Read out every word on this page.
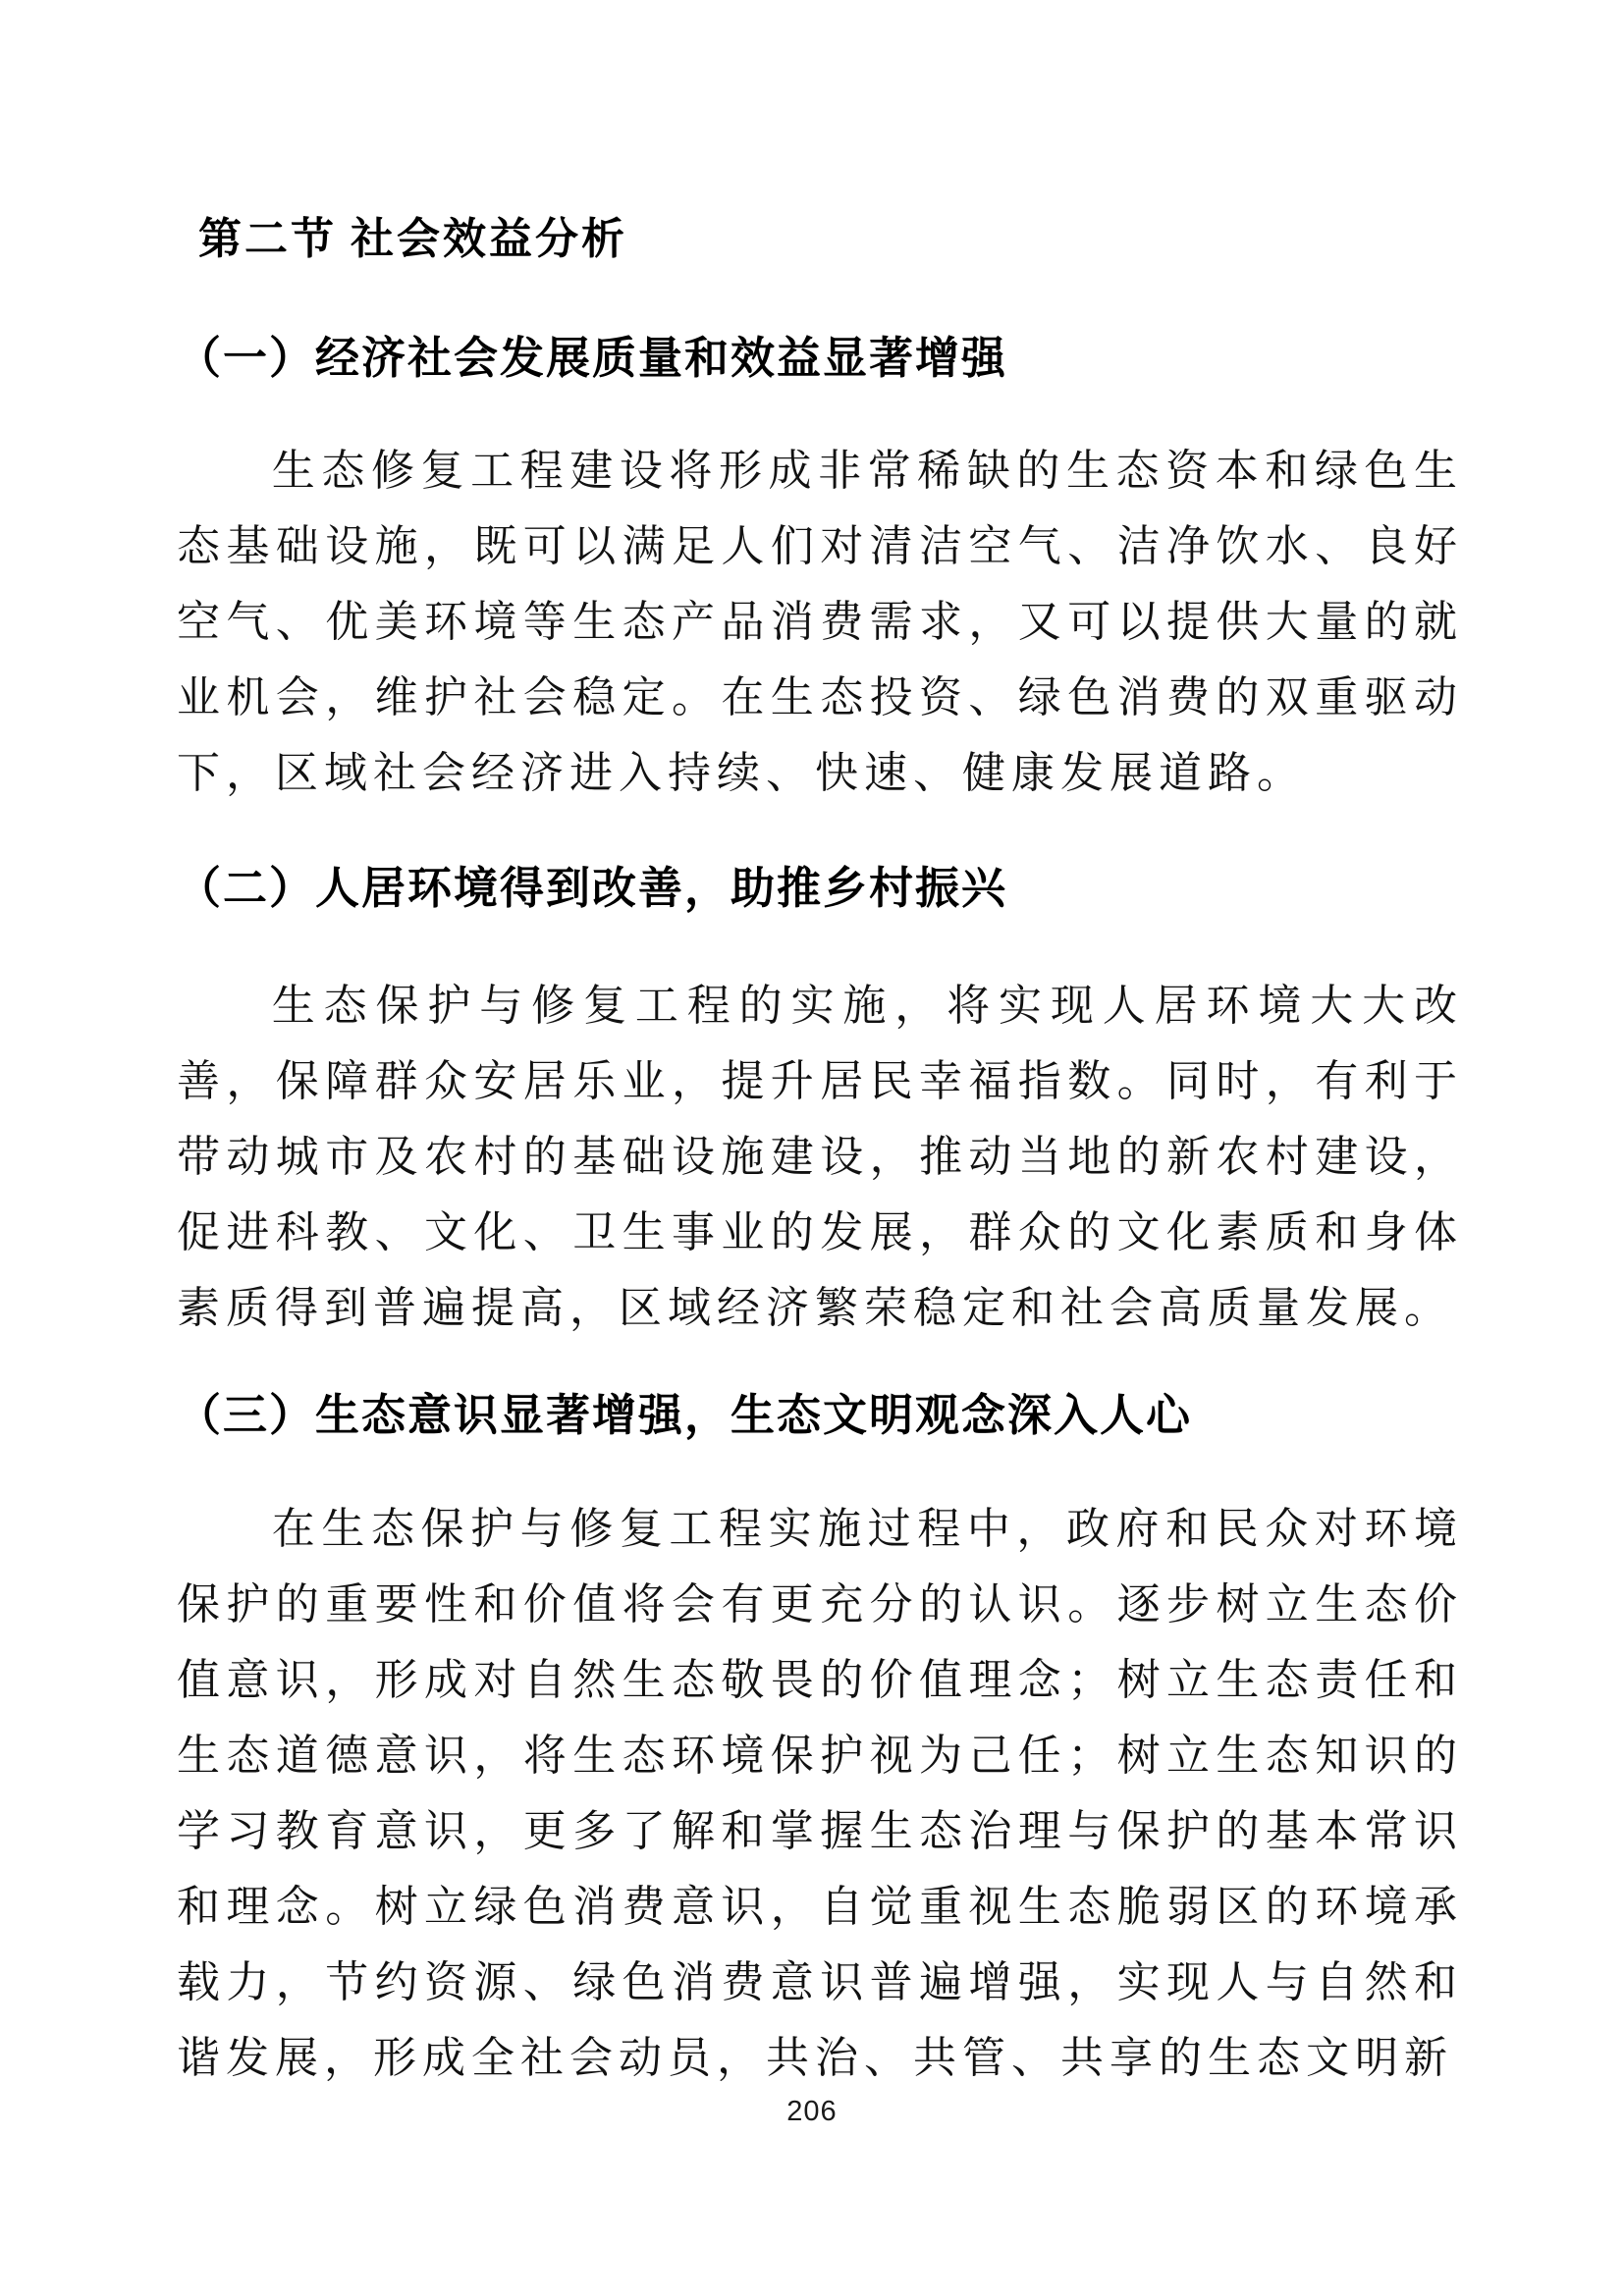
第二节 社会效益分析
（一）经济社会发展质量和效益显著增强

生态修复工程建设将形成非常稀缺的生态资本和绿色生态基础设施，既可以满足人们对清洁空气、洁净饮水、良好空气、优美环境等生态产品消费需求，又可以提供大量的就业机会，维护社会稳定。在生态投资、绿色消费的双重驱动下，区域社会经济进入持续、快速、健康发展道路。

（二）人居环境得到改善，助推乡村振兴

生态保护与修复工程的实施，将实现人居环境大大改善，保障群众安居乐业，提升居民幸福指数。同时，有利于带动城市及农村的基础设施建设，推动当地的新农村建设，促进科教、文化、卫生事业的发展，群众的文化素质和身体素质得到普遍提高，区域经济繁荣稳定和社会高质量发展。

（三）生态意识显著增强，生态文明观念深入人心

在生态保护与修复工程实施过程中，政府和民众对环境保护的重要性和价值将会有更充分的认识。逐步树立生态价值意识，形成对自然生态敬畏的价值理念；树立生态责任和生态道德意识，将生态环境保护视为己任；树立生态知识的学习教育意识，更多了解和掌握生态治理与保护的基本常识和理念。树立绿色消费意识，自觉重视生态脆弱区的环境承载力，节约资源、绿色消费意识普遍增强，实现人与自然和谐发展，形成全社会动员，共治、共管、共享的生态文明新

206
